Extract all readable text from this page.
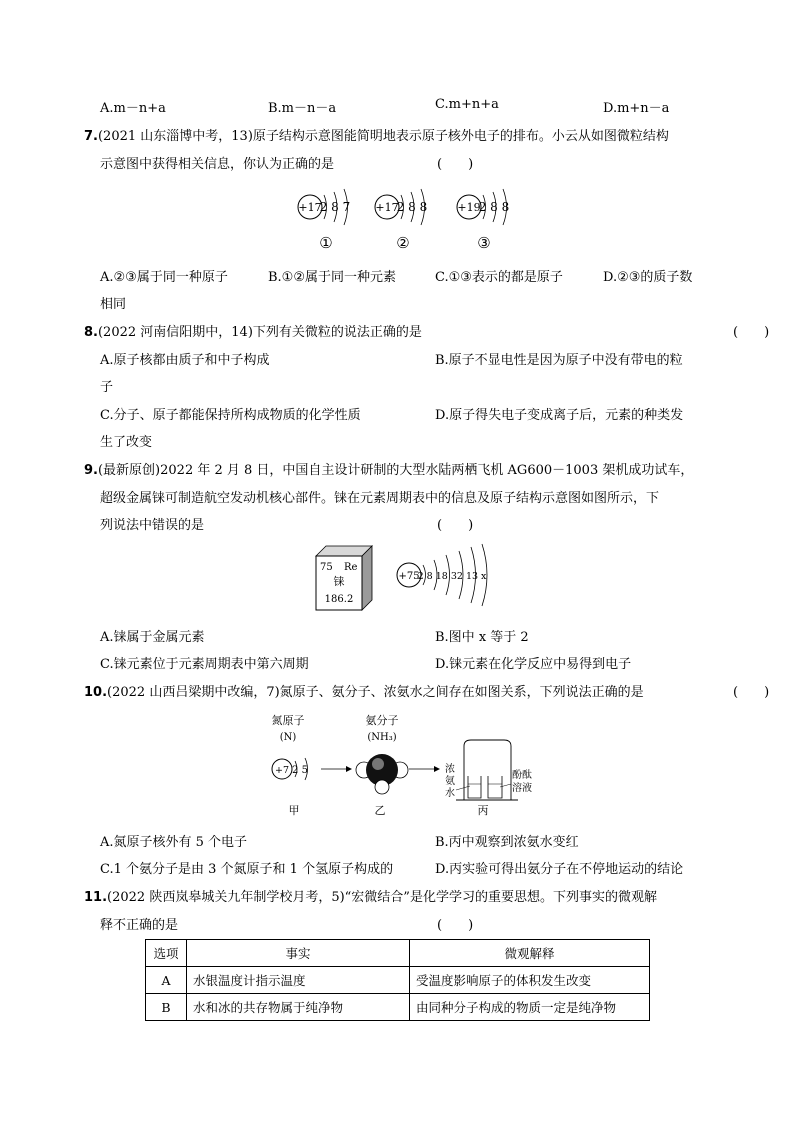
A.m－n+a	B.m－n－a	C.m+n+a	D.m+n－a
7.(2021 山东淄博中考，13)原子结构示意图能简明地表示原子核外电子的排布。小云从如图微粒结构
示意图中获得相关信息，你认为正确的是	(　　)
+17
2 8 7
①
+17
2 8 8
②
+19
2 8 8
③
A.②③属于同一种原子	B.①②属于同一种元素	C.①③表示的都是原子	D.②③的质子数
相同
8.(2022 河南信阳期中，14)下列有关微粒的说法正确的是	(　　)
A.原子核都由质子和中子构成	B.原子不显电性是因为原子中没有带电的粒
子
C.分子、原子都能保持所构成物质的化学性质	D.原子得失电子变成离子后，元素的种类发
生了改变
9.(最新原创)2022 年 2 月 8 日，中国自主设计研制的大型水陆两栖飞机 AG600－1003 架机成功试车，
超级金属铼可制造航空发动机核心部件。铼在元素周期表中的信息及原子结构示意图如图所示，下
列说法中错误的是	(　　)
75 Re
铼
186.2
+75
2 8 18 32 13 x
A.铼属于金属元素	B.图中 x 等于 2
C.铼元素位于元素周期表中第六周期	D.铼元素在化学反应中易得到电子
10.(2022 山西吕梁期中改编，7)氮原子、氨分子、浓氨水之间存在如图关系，下列说法正确的是	(　　)
氮原子
(N)
+7 2 5
甲
氨分子
(NH₃)
乙
浓
氨
水
酚酞
溶液
丙
A.氮原子核外有 5 个电子	B.丙中观察到浓氨水变红
C.1 个氨分子是由 3 个氮原子和 1 个氢原子构成的	D.丙实验可得出氨分子在不停地运动的结论
11.(2022 陕西岚皋城关九年制学校月考，5)“宏微结合”是化学学习的重要思想。下列事实的微观解
释不正确的是	(　　)
选项	事实	微观解释
A	水银温度计指示温度	受温度影响原子的体积发生改变
B	水和冰的共存物属于纯净物	由同种分子构成的物质一定是纯净物
